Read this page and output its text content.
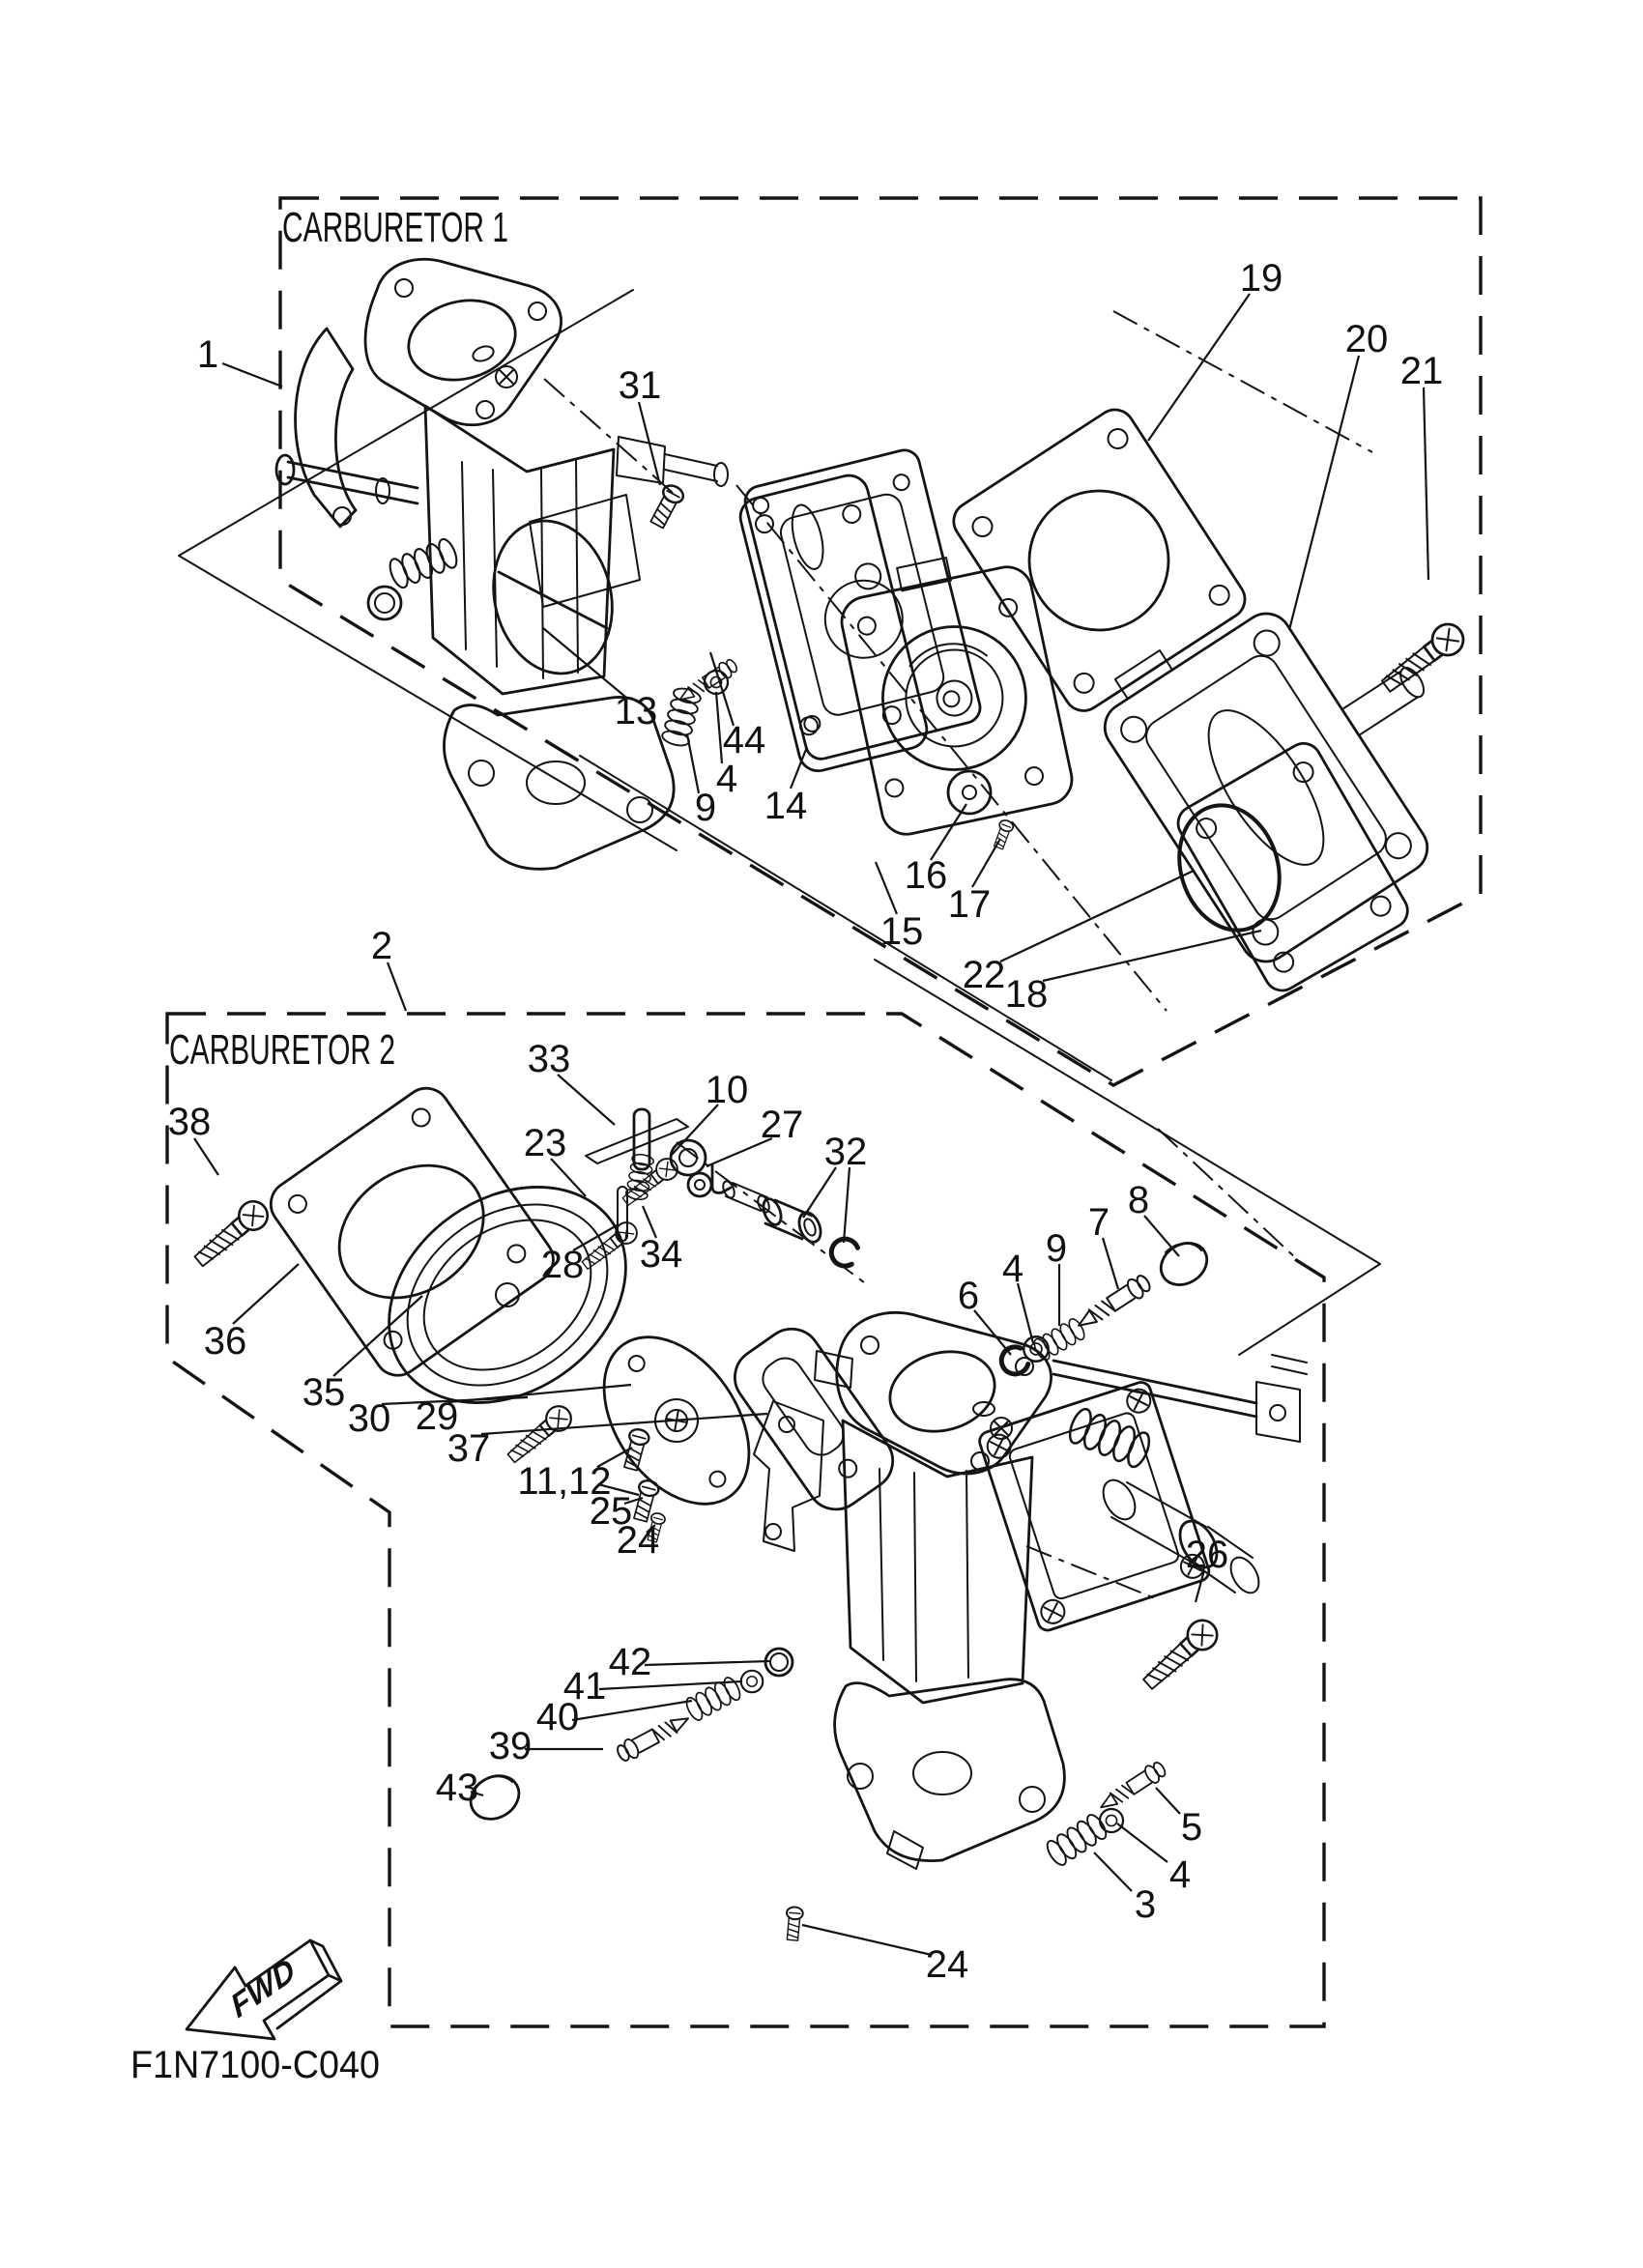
1
31
13
44
4
9 14
16
17
15
22 18
19
20
21
2
38
33
10
27
32
23
28 34
36
35
30 29
37
11,12
25
24
6
4 9
7
8
26
42
41
40
39
43
5
4
3
24
CARBURETOR 1
CARBURETOR 2
FWD
F1N7100-C040
